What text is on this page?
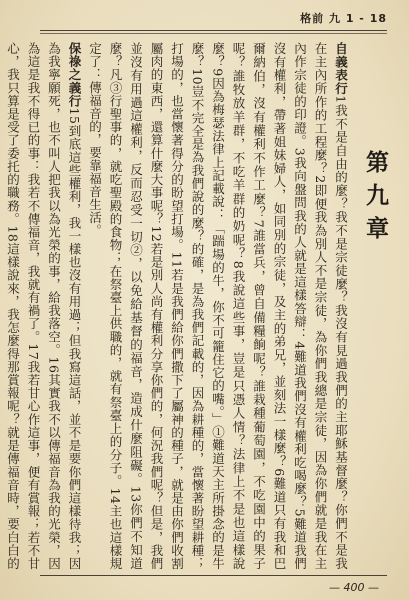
格前 九 1 - 18
第九章

自義表行1我不是自由的麼？我不是宗徒麼？我沒有見過我們的主耶穌基督麼？你們不是我在主內所作的工程麼？2即便我為別人不是宗徒，為你們我總是宗徒，因為你們就是我在主內作宗徒的印證。3我向盤問我的人就是這樣答辯：4難道我們沒有權利吃喝麼？5難道我們沒有權利，帶著姐妹婦人，如同別的宗徒，及主的弟兄，並刻法一樣麼？6難道只有我和巴爾納伯，沒有權利不作工麼？7誰當兵，曾自備糧餉呢？誰栽種葡萄園，不吃園中的果子呢？誰牧放羊群，不吃羊群的奶呢？8我說這些事，豈是只憑人情？法律上不是也這樣說麼？9因為梅瑟法律上記載說：「踹場的牛，你不可籠住它的嘴。」①難道天主所掛念的是牛麼？10豈不完全是為我們說的麼？的確，是為我們記載的，因為耕種的，當懷著盼望耕種；打場的，也當懷著得分的盼望打場。11若是我們給你們撒下了屬神的種子，就是由你們收割屬肉的東西，還算什麼大事呢？12若是別人尚有權利分享你們的，何況我們呢？但是，我們並沒有用過這權利，反而忍受一切②，以免給基督的福音，造成什麼阻礙。13你們不知道麼？凡③行聖事的，就吃聖殿的食物；在祭臺上供職的，就有祭臺上的分子。14主也這樣規定了：傳福音的，要靠福音生活。

保祿之義行15到底這些權利，我一樣也沒有用過；但我寫這話，並不是要你們這樣待我；因為我寧願死，也不叫人把我以為光榮的事，給我落空。16其實我不以傳福音為我的光榮，因為這是我不得已的事：我若不傳福音，我就有禍了。17我若甘心作這事，便有賞報；若不甘心，我只算是受了委托的職務。18這樣說來，我怎麼得那賞報呢？就是傳福音時，要白白的

— 400 —
